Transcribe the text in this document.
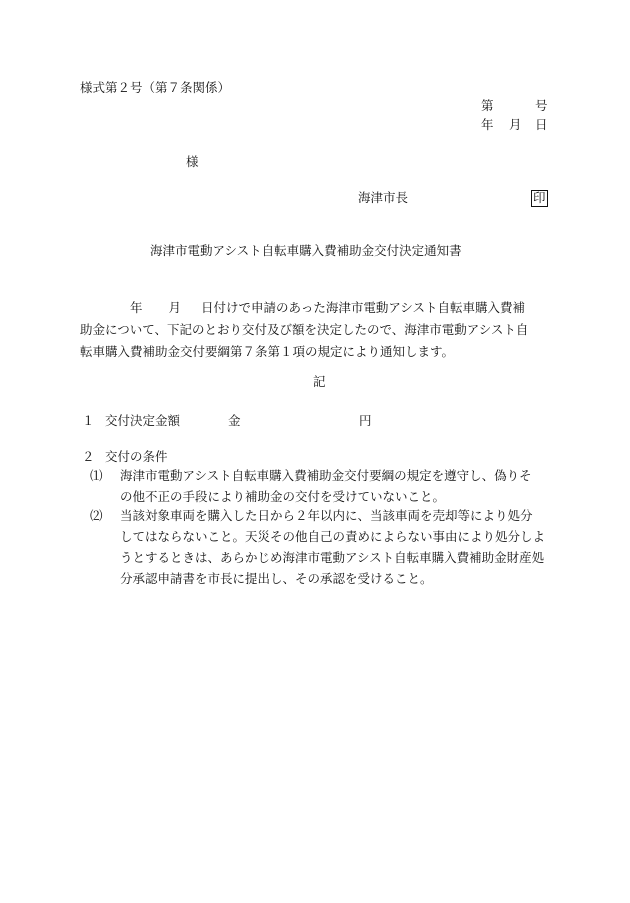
様式第２号（第７条関係）
第	号
年 月 日
様
海津市長	印
海津市電動アシスト自転車購入費補助金交付決定通知書
年 月 日付けで申請のあった海津市電動アシスト自転車購入費補
助金について、下記のとおり交付及び額を決定したので、海津市電動アシスト自
転車購入費補助金交付要綱第７条第１項の規定により通知します。
記
１ 交付決定金額	金	円
２ 交付の条件
⑴ 海津市電動アシスト自転車購入費補助金交付要綱の規定を遵守し、偽りそ
の他不正の手段により補助金の交付を受けていないこと。
⑵ 当該対象車両を購入した日から２年以内に、当該車両を売却等により処分
してはならないこと。天災その他自己の責めによらない事由により処分しよ
うとするときは、あらかじめ海津市電動アシスト自転車購入費補助金財産処
分承認申請書を市長に提出し、その承認を受けること。
